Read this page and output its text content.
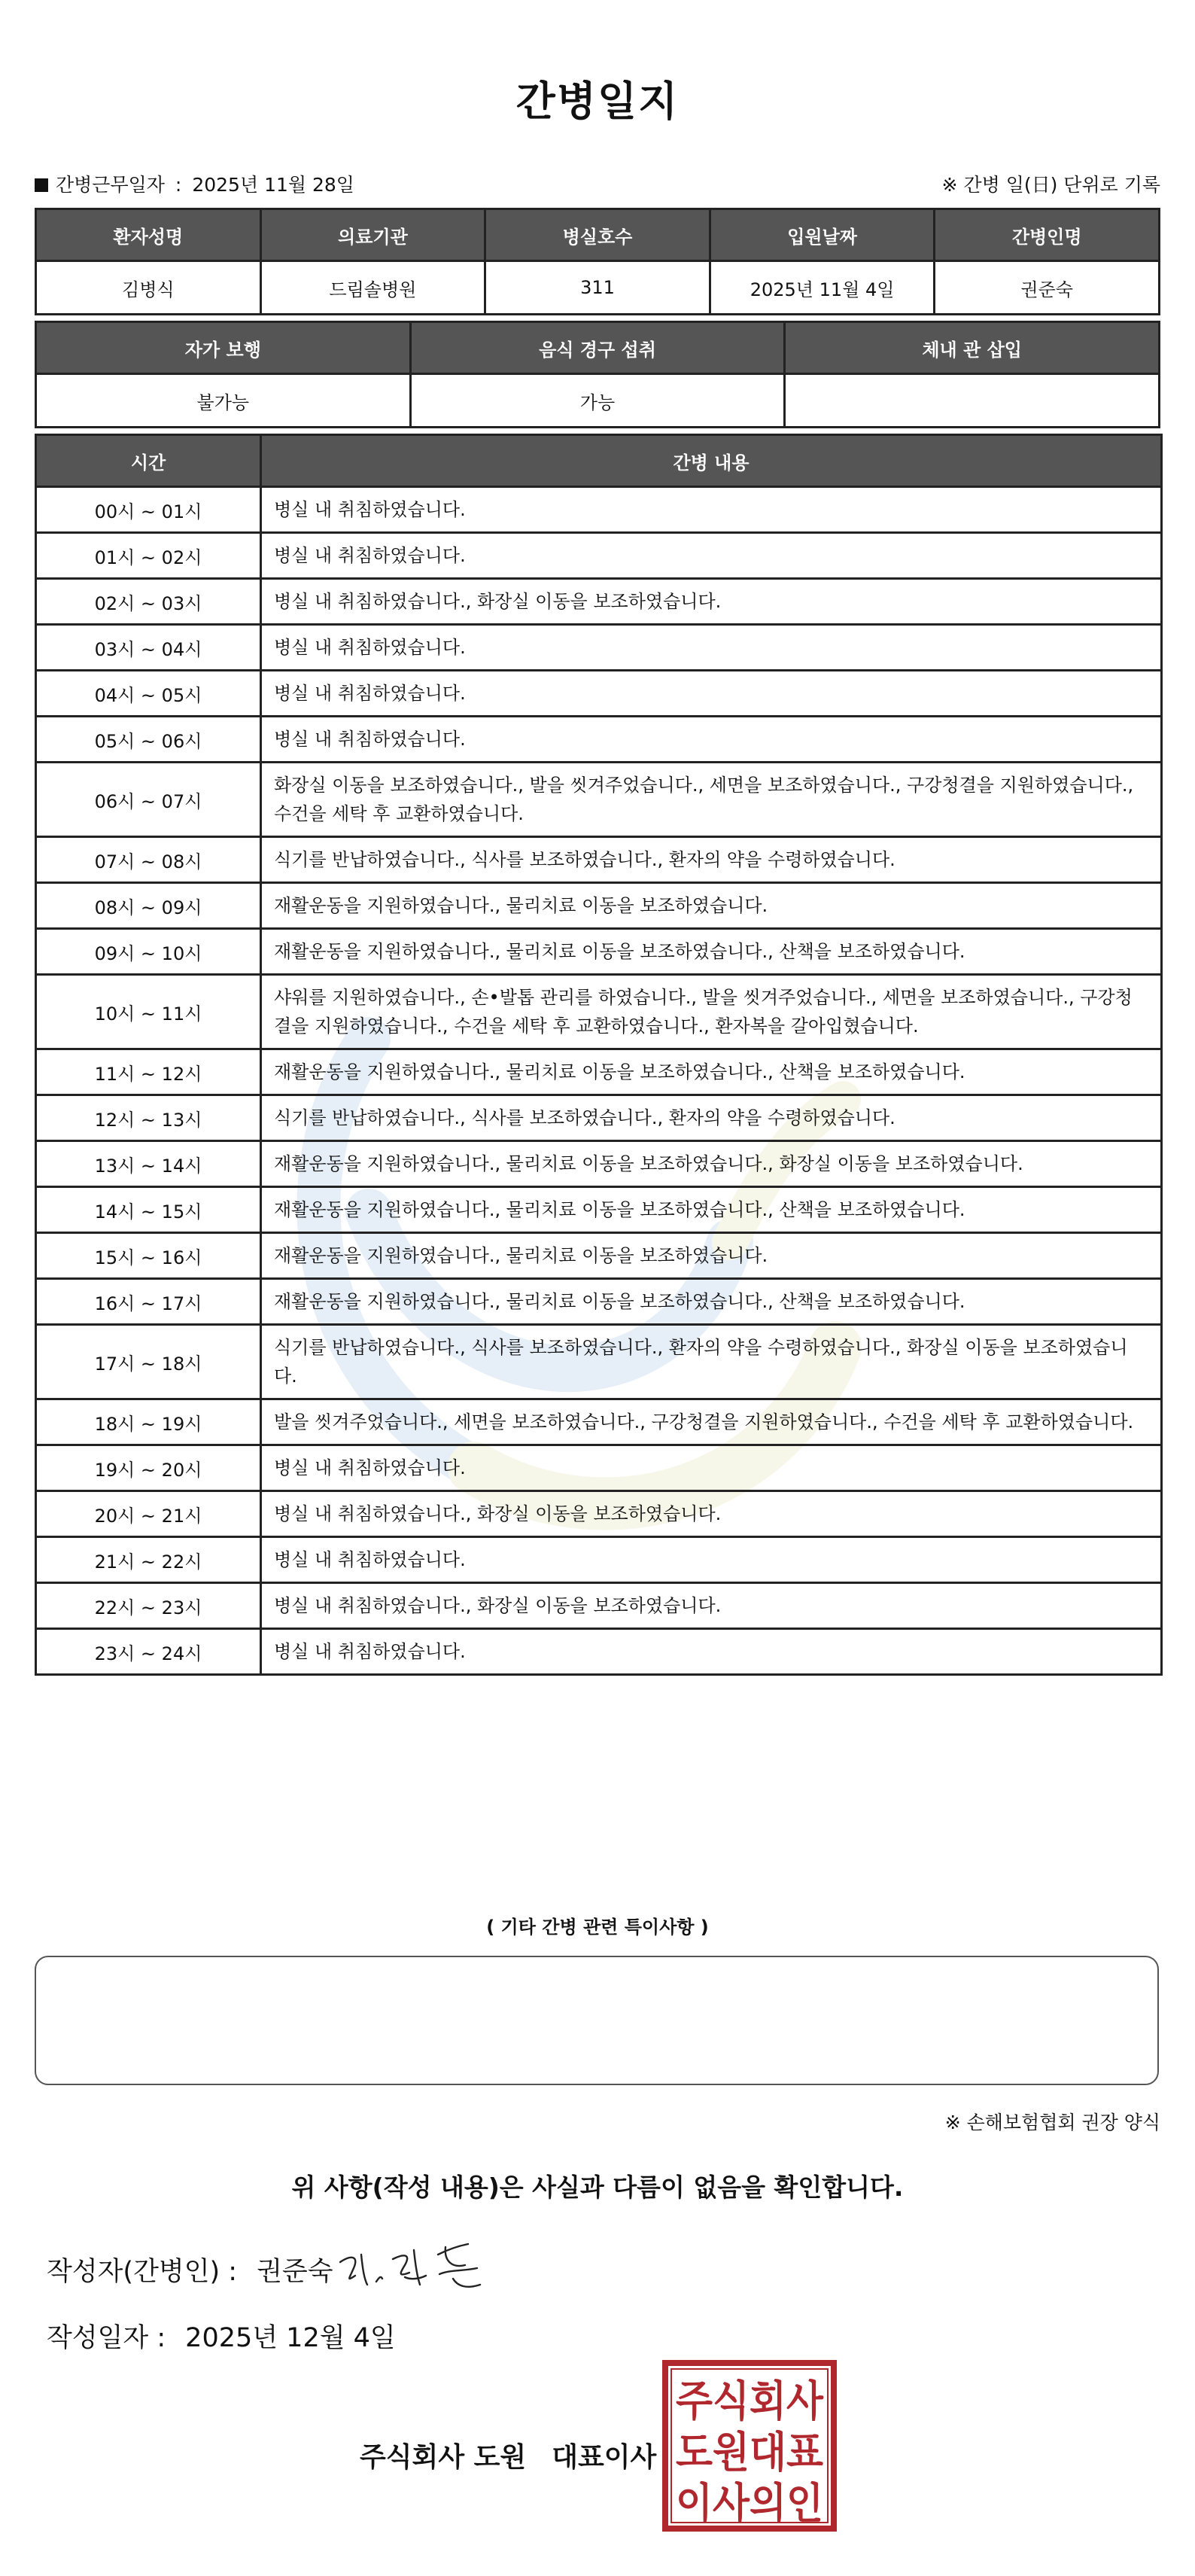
간병일지
간병근무일자 : 2025년 11월 28일	※ 간병 일(日) 단위로 기록
환자성명	의료기관	병실호수	입원날짜	간병인명
김병식	드림솔병원	311	2025년 11월 4일	권준숙
자가 보행	음식 경구 섭취	체내 관 삽입
불가능	가능	
시간	간병 내용
00시 ~ 01시	병실 내 취침하였습니다.
01시 ~ 02시	병실 내 취침하였습니다.
02시 ~ 03시	병실 내 취침하였습니다., 화장실 이동을 보조하였습니다.
03시 ~ 04시	병실 내 취침하였습니다.
04시 ~ 05시	병실 내 취침하였습니다.
05시 ~ 06시	병실 내 취침하였습니다.
06시 ~ 07시	화장실 이동을 보조하였습니다., 발을 씻겨주었습니다., 세면을 보조하였습니다., 구강청결을 지원하였습니다., 수건을 세탁 후 교환하였습니다.
07시 ~ 08시	식기를 반납하였습니다., 식사를 보조하였습니다., 환자의 약을 수령하였습니다.
08시 ~ 09시	재활운동을 지원하였습니다., 물리치료 이동을 보조하였습니다.
09시 ~ 10시	재활운동을 지원하였습니다., 물리치료 이동을 보조하였습니다., 산책을 보조하였습니다.
10시 ~ 11시	샤워를 지원하였습니다., 손•발톱 관리를 하였습니다., 발을 씻겨주었습니다., 세면을 보조하였습니다., 구강청결을 지원하였습니다., 수건을 세탁 후 교환하였습니다., 환자복을 갈아입혔습니다.
11시 ~ 12시	재활운동을 지원하였습니다., 물리치료 이동을 보조하였습니다., 산책을 보조하였습니다.
12시 ~ 13시	식기를 반납하였습니다., 식사를 보조하였습니다., 환자의 약을 수령하였습니다.
13시 ~ 14시	재활운동을 지원하였습니다., 물리치료 이동을 보조하였습니다., 화장실 이동을 보조하였습니다.
14시 ~ 15시	재활운동을 지원하였습니다., 물리치료 이동을 보조하였습니다., 산책을 보조하였습니다.
15시 ~ 16시	재활운동을 지원하였습니다., 물리치료 이동을 보조하였습니다.
16시 ~ 17시	재활운동을 지원하였습니다., 물리치료 이동을 보조하였습니다., 산책을 보조하였습니다.
17시 ~ 18시	식기를 반납하였습니다., 식사를 보조하였습니다., 환자의 약을 수령하였습니다., 화장실 이동을 보조하였습니다.
18시 ~ 19시	발을 씻겨주었습니다., 세면을 보조하였습니다., 구강청결을 지원하였습니다., 수건을 세탁 후 교환하였습니다.
19시 ~ 20시	병실 내 취침하였습니다.
20시 ~ 21시	병실 내 취침하였습니다., 화장실 이동을 보조하였습니다.
21시 ~ 22시	병실 내 취침하였습니다.
22시 ~ 23시	병실 내 취침하였습니다., 화장실 이동을 보조하였습니다.
23시 ~ 24시	병실 내 취침하였습니다.
( 기타 간병 관련 특이사항 )
※ 손해보험협회 권장 양식
위 사항(작성 내용)은 사실과 다름이 없음을 확인합니다.
작성자(간병인) : 권준숙
작성일자 : 2025년 12월 4일
주식회사 도원 대표이사
주식회사
도원대표
이사의인
